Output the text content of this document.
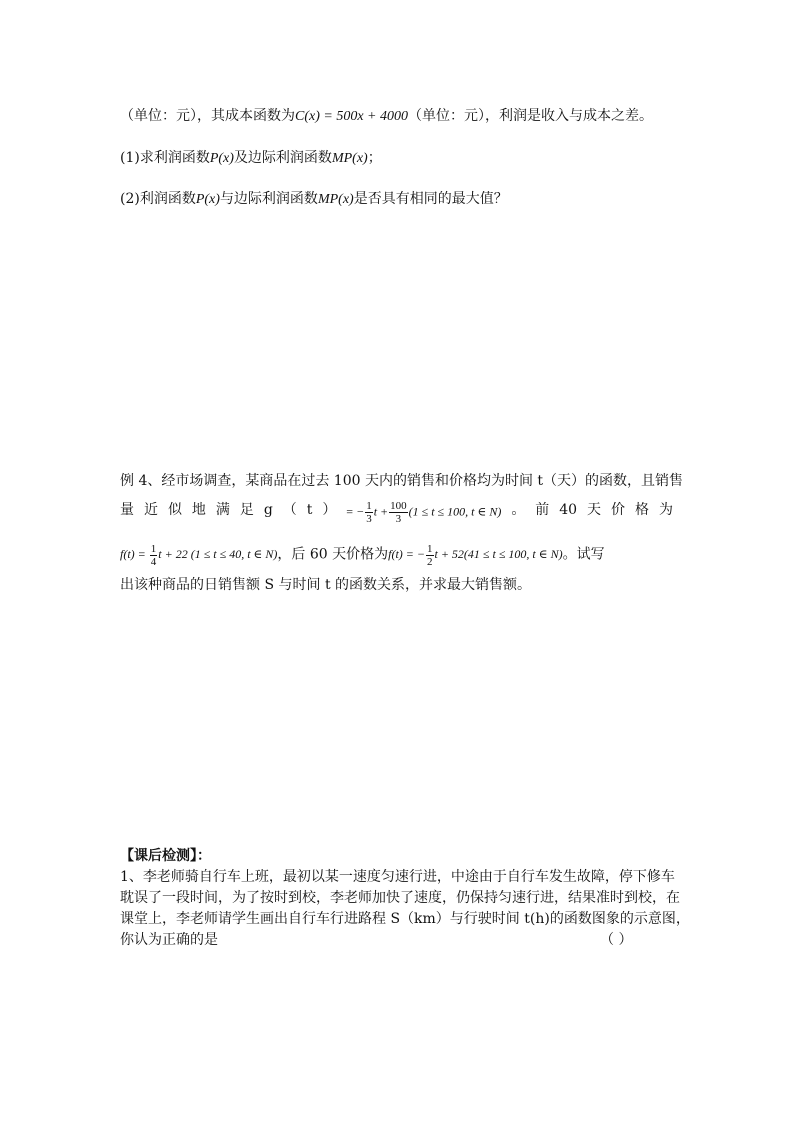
（单位：元），其成本函数为C(x) = 500x + 4000（单位：元），利润是收入与成本之差。
(1)求利润函数P(x)及边际利润函数MP(x)；
(2)利润函数P(x)与边际利润函数MP(x)是否具有相同的最大值？
例 4、经市场调查，某商品在过去 100 天内的销售和价格均为时间 t（天）的函数，且销售
量 近 似 地 满 足 g （ t ） = − $\frac{1}{3}$ $t + \frac{100}{3} (1 \le t \le 100$, t ∈ N) 。 前 40 天 价 格 为
$f(t) = \frac{1}{4}$ t + 22 (1 ≤ t ≤ 40, t ∈ N)，后 60 天价格为f(t) = − $\frac{1}{2}$ t + 52(41 ≤ t ≤ 100, t ∈ N)。试写
出该种商品的日销售额 S 与时间 t 的函数关系，并求最大销售额。
【课后检测】：
1、李老师骑自行车上班，最初以某一速度匀速行进，中途由于自行车发生故障，停下修车
耽误了一段时间，为了按时到校，李老师加快了速度，仍保持匀速行进，结果准时到校，在
课堂上，李老师请学生画出自行车行进路程 S（km）与行驶时间 t(h)的函数图象的示意图，
你认为正确的是	（ ）
